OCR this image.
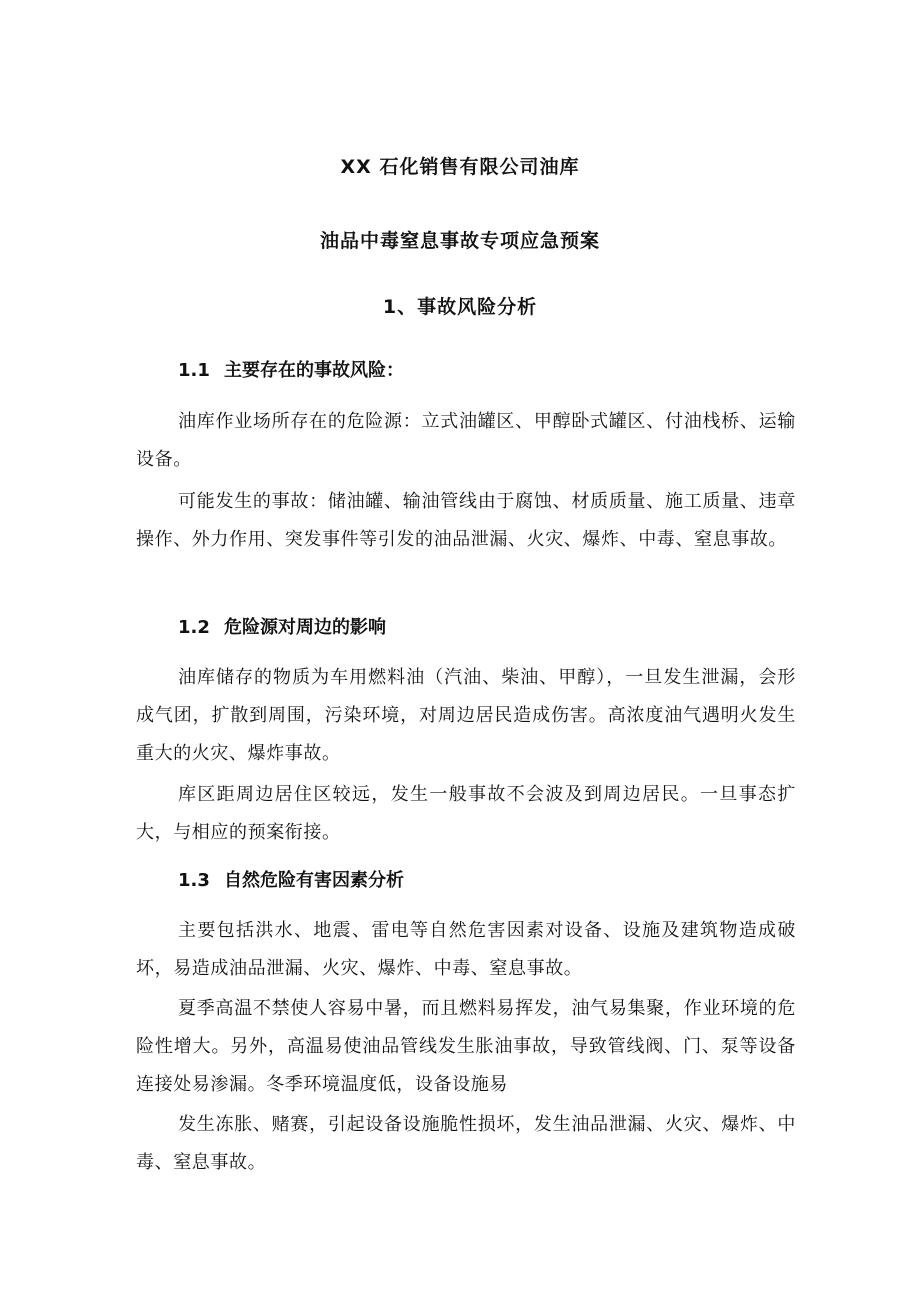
XX 石化销售有限公司油库
油品中毒窒息事故专项应急预案
1、事故风险分析
1.1 主要存在的事故风险：

油库作业场所存在的危险源：立式油罐区、甲醇卧式罐区、付油栈桥、运输设备。

可能发生的事故：储油罐、输油管线由于腐蚀、材质质量、施工质量、违章操作、外力作用、突发事件等引发的油品泄漏、火灾、爆炸、中毒、窒息事故。

1.2 危险源对周边的影响

油库储存的物质为车用燃料油（汽油、柴油、甲醇），一旦发生泄漏，会形成气团，扩散到周围，污染环境，对周边居民造成伤害。高浓度油气遇明火发生重大的火灾、爆炸事故。

库区距周边居住区较远，发生一般事故不会波及到周边居民。一旦事态扩大，与相应的预案衔接。

1.3 自然危险有害因素分析

主要包括洪水、地震、雷电等自然危害因素对设备、设施及建筑物造成破坏，易造成油品泄漏、火灾、爆炸、中毒、窒息事故。

夏季高温不禁使人容易中暑，而且燃料易挥发，油气易集聚，作业环境的危险性增大。另外，高温易使油品管线发生胀油事故，导致管线阀、门、泵等设备连接处易渗漏。冬季环境温度低，设备设施易

发生冻胀、赌赛，引起设备设施脆性损坏，发生油品泄漏、火灾、爆炸、中毒、窒息事故。
